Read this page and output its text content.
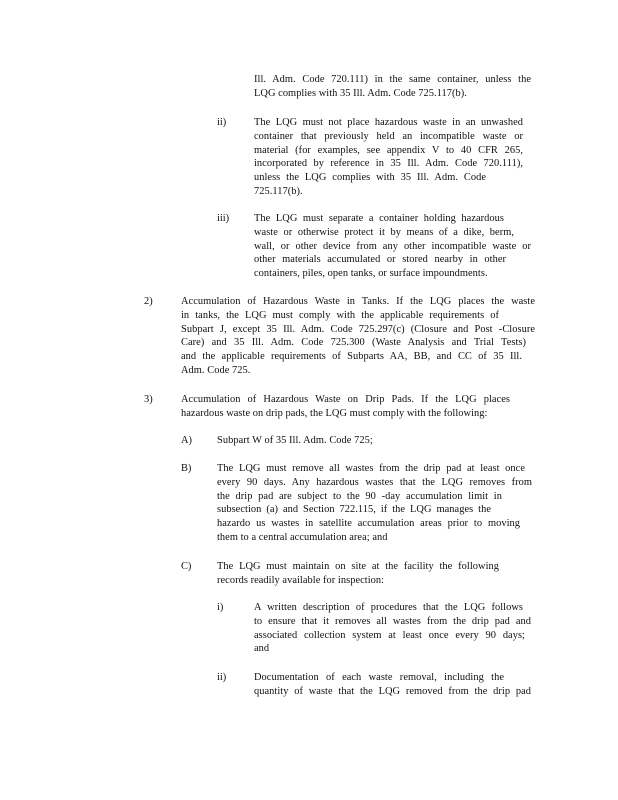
Ill. Adm. Code 720.111) in the same container, unless the
LQG complies with 35 Ill. Adm. Code 725.117(b).
ii)	The LQG must not place hazardous waste in an unwashed
container that previously held an incompatible waste or
material (for examples, see appendix V to 40 CFR 265,
incorporated by reference in 35 Ill. Adm. Code 720.111),
unless the LQG complies with 35 Ill. Adm. Code
725.117(b).
iii) The LQG must separate a container holding hazardous
waste or otherwise protect it by means of a dike, berm,
wall, or other device from any other incompatible waste or
other materials accumulated or stored nearby in other
containers, piles, open tanks, or surface impoundments.
2)	Accumulation of Hazardous Waste in Tanks. If the LQG places the waste
in tanks, the LQG must comply with the applicable requirements of
Subpart J, except 35 Ill. Adm. Code 725.297(c) (Closure and Post -Closure
Care) and 35 Ill. Adm. Code 725.300 (Waste Analysis and Trial Tests)
and the applicable requirements of Subparts AA, BB, and CC of 35 Ill.
Adm. Code 725.
3)	Accumulation of Hazardous Waste on Drip Pads. If the LQG places
hazardous waste on drip pads, the LQG must comply with the following:
A) Subpart W of 35 Ill. Adm. Code 725;
B) The LQG must remove all wastes from the drip pad at least once
every 90 days. Any hazardous wastes that the LQG removes from
the drip pad are subject to the 90 -day accumulation limit in
subsection (a) and Section 722.115, if the LQG manages the
hazardo us wastes in satellite accumulation areas prior to moving
them to a central accumulation area; and
C) The LQG must maintain on site at the facility the following
records readily available for inspection:
i)	A written description of procedures that the LQG follows
to ensure that it removes all wastes from the drip pad and
associated collection system at least once every 90 days;
and
ii)	Documentation of each waste removal, including the
quantity of waste that the LQG removed from the drip pad
